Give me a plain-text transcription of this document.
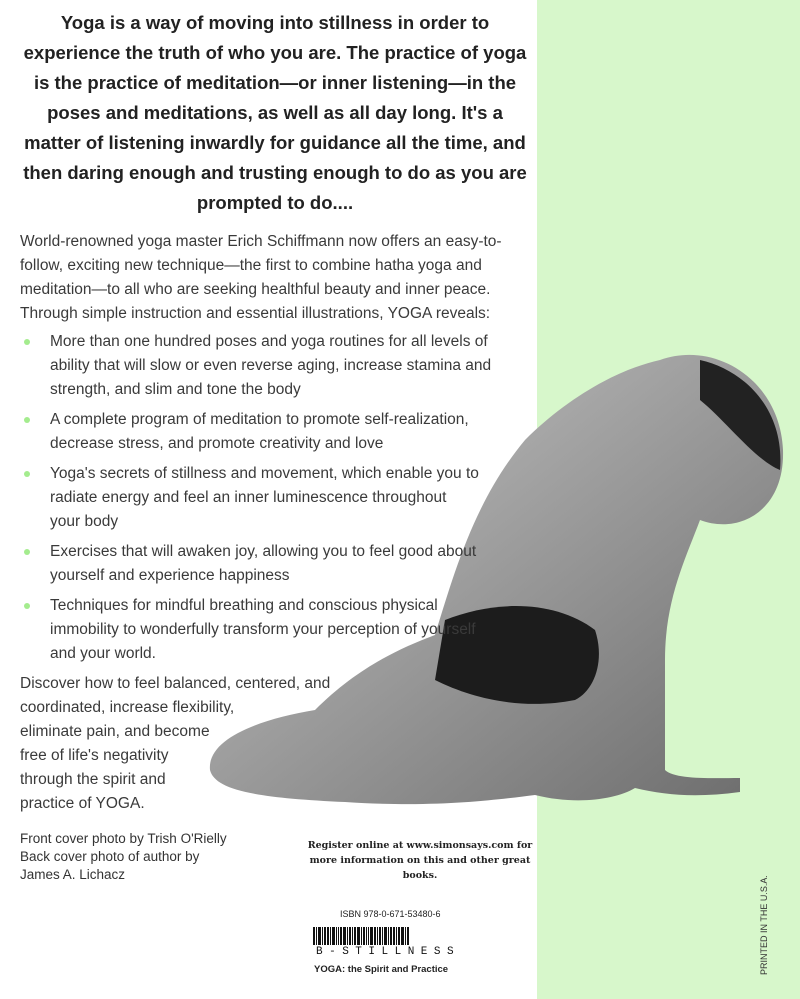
Yoga is a way of moving into stillness in order to experience the truth of who you are. The practice of yoga is the practice of meditation—or inner listening—in the poses and meditations, as well as all day long. It's a matter of listening inwardly for guidance all the time, and then daring enough and trusting enough to do as you are prompted to do....

World-renowned yoga master Erich Schiffmann now offers an easy-to-follow, exciting new technique—the first to combine hatha yoga and meditation—to all who are seeking healthful beauty and inner peace. Through simple instruction and essential illustrations, YOGA reveals:

More than one hundred poses and yoga routines for all levels of ability that will slow or even reverse aging, increase stamina and strength, and slim and tone the body
A complete program of meditation to promote self-realization, decrease stress, and promote creativity and love
Yoga's secrets of stillness and movement, which enable you to radiate energy and feel an inner luminescence throughout your body
Exercises that will awaken joy, allowing you to feel good about yourself and experience happiness
Techniques for mindful breathing and conscious physical immobility to wonderfully transform your perception of yourself and your world.
Discover how to feel balanced, centered, and
coordinated, increase flexibility,
eliminate pain, and become
free of life's negativity
through the spirit and
practice of YOGA.
Front cover photo by Trish O'Rielly
Back cover photo of author by
James A. Lichacz
Register online at www.simonsays.com for more information on this and other great books.
ISBN 978-0-671-53480-6
B-STILLNESS
YOGA: the Spirit and Practice	PRINTED IN THE U.S.A.
